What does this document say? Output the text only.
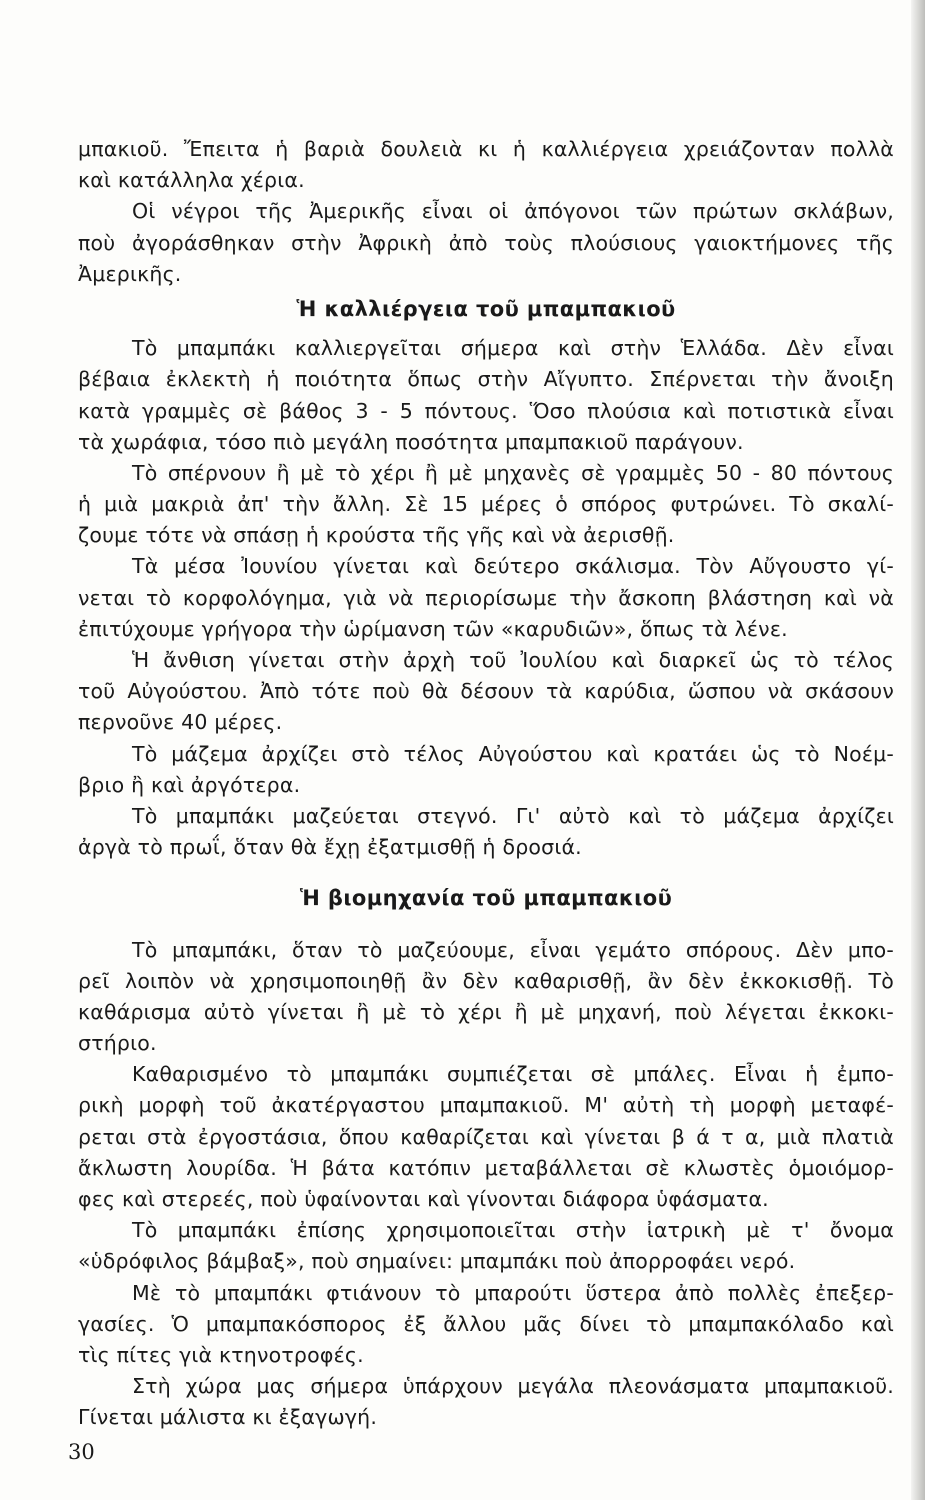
μπακιοῦ. Ἔπειτα ἡ βαριὰ δουλειὰ κι ἡ καλλιέργεια χρειάζονταν πολλὰ
καὶ κατάλληλα χέρια.
Οἱ νέγροι τῆς Ἀμερικῆς εἶναι οἱ ἀπόγονοι τῶν πρώτων σκλάβων,
ποὺ ἀγοράσθηκαν στὴν Ἀφρικὴ ἀπὸ τοὺς πλούσιους γαιοκτήμονες τῆς
Ἀμερικῆς.
Ἡ καλλιέργεια τοῦ μπαμπακιοῦ
Τὸ μπαμπάκι καλλιεργεῖται σήμερα καὶ στὴν Ἑλλάδα. Δὲν εἶναι
βέβαια ἐκλεκτὴ ἡ ποιότητα ὅπως στὴν Αἴγυπτο. Σπέρνεται τὴν ἄνοιξη
κατὰ γραμμὲς σὲ βάθος 3 - 5 πόντους. Ὅσο πλούσια καὶ ποτιστικὰ εἶναι
τὰ χωράφια, τόσο πιὸ μεγάλη ποσότητα μπαμπακιοῦ παράγουν.
Τὸ σπέρνουν ἢ μὲ τὸ χέρι ἢ μὲ μηχανὲς σὲ γραμμὲς 50 - 80 πόντους
ἡ μιὰ μακριὰ ἀπ' τὴν ἄλλη. Σὲ 15 μέρες ὁ σπόρος φυτρώνει. Τὸ σκαλί-
ζουμε τότε νὰ σπάσῃ ἡ κρούστα τῆς γῆς καὶ νὰ ἀερισθῇ.
Τὰ μέσα Ἰουνίου γίνεται καὶ δεύτερο σκάλισμα. Τὸν Αὔγουστο γί-
νεται τὸ κορφολόγημα, γιὰ νὰ περιορίσωμε τὴν ἄσκοπη βλάστηση καὶ νὰ
ἐπιτύχουμε γρήγορα τὴν ὡρίμανση τῶν «καρυδιῶν», ὅπως τὰ λένε.
Ἡ ἄνθιση γίνεται στὴν ἀρχὴ τοῦ Ἰουλίου καὶ διαρκεῖ ὡς τὸ τέλος
τοῦ Αὐγούστου. Ἀπὸ τότε ποὺ θὰ δέσουν τὰ καρύδια, ὥσπου νὰ σκάσουν
περνοῦνε 40 μέρες.
Τὸ μάζεμα ἀρχίζει στὸ τέλος Αὐγούστου καὶ κρατάει ὡς τὸ Νοέμ-
βριο ἢ καὶ ἀργότερα.
Τὸ μπαμπάκι μαζεύεται στεγνό. Γι' αὐτὸ καὶ τὸ μάζεμα ἀρχίζει
ἀργὰ τὸ πρωΐ, ὅταν θὰ ἔχῃ ἐξατμισθῇ ἡ δροσιά.
Ἡ βιομηχανία τοῦ μπαμπακιοῦ
Τὸ μπαμπάκι, ὅταν τὸ μαζεύουμε, εἶναι γεμάτο σπόρους. Δὲν μπο-
ρεῖ λοιπὸν νὰ χρησιμοποιηθῇ ἂν δὲν καθαρισθῇ, ἂν δὲν ἐκκοκισθῇ. Τὸ
καθάρισμα αὐτὸ γίνεται ἢ μὲ τὸ χέρι ἢ μὲ μηχανή, ποὺ λέγεται ἐκκοκι-
στήριο.
Καθαρισμένο τὸ μπαμπάκι συμπιέζεται σὲ μπάλες. Εἶναι ἡ ἐμπο-
ρικὴ μορφὴ τοῦ ἀκατέργαστου μπαμπακιοῦ. Μ' αὐτὴ τὴ μορφὴ μεταφέ-
ρεται στὰ ἐργοστάσια, ὅπου καθαρίζεται καὶ γίνεται β ά τ α, μιὰ πλατιὰ
ἄκλωστη λουρίδα. Ἡ βάτα κατόπιν μεταβάλλεται σὲ κλωστὲς ὁμοιόμορ-
φες καὶ στερεές, ποὺ ὑφαίνονται καὶ γίνονται διάφορα ὑφάσματα.
Τὸ μπαμπάκι ἐπίσης χρησιμοποιεῖται στὴν ἰατρικὴ μὲ τ' ὄνομα
«ὑδρόφιλος βάμβαξ», ποὺ σημαίνει: μπαμπάκι ποὺ ἀπορροφάει νερό.
Μὲ τὸ μπαμπάκι φτιάνουν τὸ μπαρούτι ὕστερα ἀπὸ πολλὲς ἐπεξερ-
γασίες. Ὁ μπαμπακόσπορος ἐξ ἄλλου μᾶς δίνει τὸ μπαμπακόλαδο καὶ
τὶς πίτες γιὰ κτηνοτροφές.
Στὴ χώρα μας σήμερα ὑπάρχουν μεγάλα πλεονάσματα μπαμπακιοῦ.
Γίνεται μάλιστα κι ἐξαγωγή.
30
